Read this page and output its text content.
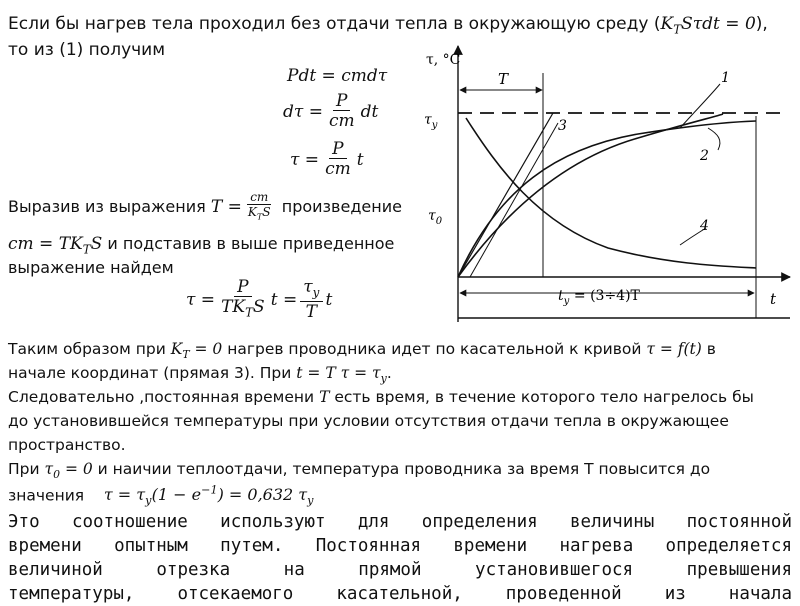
Если бы нагрев тела проходил без отдачи тепла в окружающую среду $(K_TS\tau dt = 0)$,
то из (1) получим
Pdt = cmdτ
$d\tau = \frac{P}{cm}$ dt
$\tau = \frac{P}{cm}$ t
Выразив из выражения
$T = \frac{cm}{K_TS}$
произведение
cm = $TK_TS$ и подставив в выше приведенное
выражение найдем
$\tau = \frac{P}{TK_TS}$ $t = \frac{\tau_у}{T}$ t
τ, °C
$\tau_у$
$\tau_0$
T
$t_у = (3\div 4)T$	t
1
2
3
4
Таким образом при $K_T = 0$ нагрев проводника идет по касательной к кривой τ = f(t) в
начале координат (прямая 3). При t = T $\tau = \tau_у$.
Следовательно ,постоянная времени T есть время, в течение которого тело нагрелось бы
до установившейся температуры при условии отсутствия отдачи тепла в окружающее
пространство.
При $\tau_0 = 0$ и наичии теплоотдачи, температура проводника за время Т повысится до
значения $\tau = \tau_у(1 - e^{-1}) = 0,632$ $\tau_у$
Это соотношение используют для определения величины постоянной
времени опытным путем. Постоянная времени нагрева определяется
величиной отрезка на прямой установившегося превышения
температуры, отсекаемого касательной, проведенной из начала
